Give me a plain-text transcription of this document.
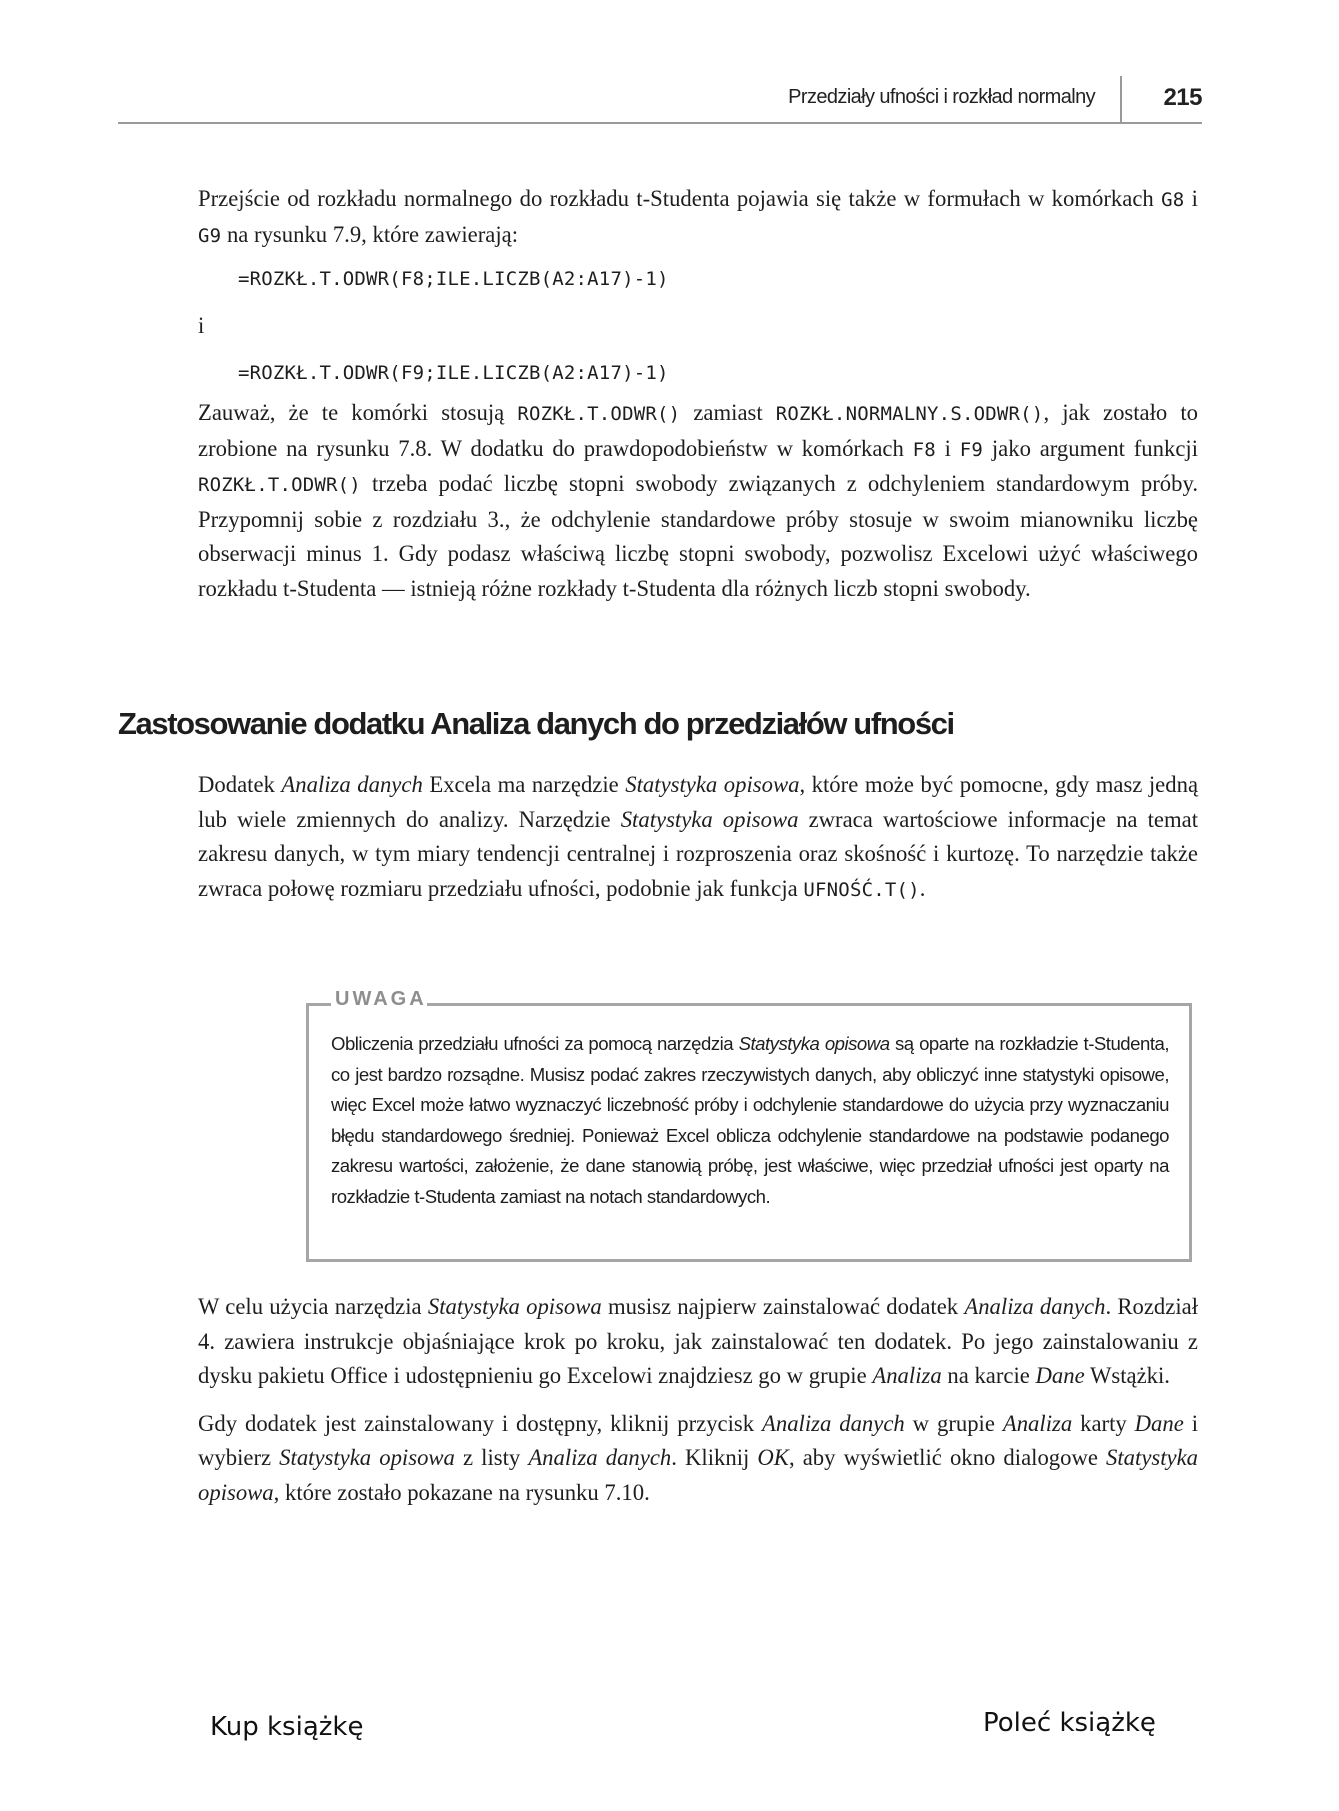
Przedziały ufności i rozkład normalny	215

Przejście od rozkładu normalnego do rozkładu t-Studenta pojawia się także w formułach w komórkach G8 i G9 na rysunku 7.9, które zawierają:

=ROZKŁ.T.ODWR(F8;ILE.LICZB(A2:A17)-1)
i
=ROZKŁ.T.ODWR(F9;ILE.LICZB(A2:A17)-1)

Zauważ, że te komórki stosują ROZKŁ.T.ODWR() zamiast ROZKŁ.NORMALNY.S.ODWR(), jak zostało to zrobione na rysunku 7.8. W dodatku do prawdopodobieństw w komórkach F8 i F9 jako argument funkcji ROZKŁ.T.ODWR() trzeba podać liczbę stopni swobody związanych z odchyleniem standardowym próby. Przypomnij sobie z rozdziału 3., że odchylenie standardowe próby stosuje w swoim mianowniku liczbę obserwacji minus 1. Gdy podasz właściwą liczbę stopni swobody, pozwolisz Excelowi użyć właściwego rozkładu t-Studenta — istnieją różne rozkłady t-Studenta dla różnych liczb stopni swobody.

Zastosowanie dodatku Analiza danych do przedziałów ufności

Dodatek Analiza danych Excela ma narzędzie Statystyka opisowa, które może być pomocne, gdy masz jedną lub wiele zmiennych do analizy. Narzędzie Statystyka opisowa zwraca wartościowe informacje na temat zakresu danych, w tym miary tendencji centralnej i rozproszenia oraz skośność i kurtozę. To narzędzie także zwraca połowę rozmiaru przedziału ufności, podobnie jak funkcja UFNOŚĆ.T().

UWAGA

Obliczenia przedziału ufności za pomocą narzędzia Statystyka opisowa są oparte na rozkładzie t-Studenta, co jest bardzo rozsądne. Musisz podać zakres rzeczywistych danych, aby obliczyć inne statystyki opisowe, więc Excel może łatwo wyznaczyć liczebność próby i odchylenie standardowe do użycia przy wyznaczaniu błędu standardowego średniej. Ponieważ Excel oblicza odchylenie standardowe na podstawie podanego zakresu wartości, założenie, że dane stanowią próbę, jest właściwe, więc przedział ufności jest oparty na rozkładzie t-Studenta zamiast na notach standardowych.

W celu użycia narzędzia Statystyka opisowa musisz najpierw zainstalować dodatek Analiza danych. Rozdział 4. zawiera instrukcje objaśniające krok po kroku, jak zainstalować ten dodatek. Po jego zainstalowaniu z dysku pakietu Office i udostępnieniu go Excelowi znajdziesz go w grupie Analiza na karcie Dane Wstążki.

Gdy dodatek jest zainstalowany i dostępny, kliknij przycisk Analiza danych w grupie Analiza karty Dane i wybierz Statystyka opisowa z listy Analiza danych. Kliknij OK, aby wyświetlić okno dialogowe Statystyka opisowa, które zostało pokazane na rysunku 7.10.

Kup książkę	Poleć książkę
